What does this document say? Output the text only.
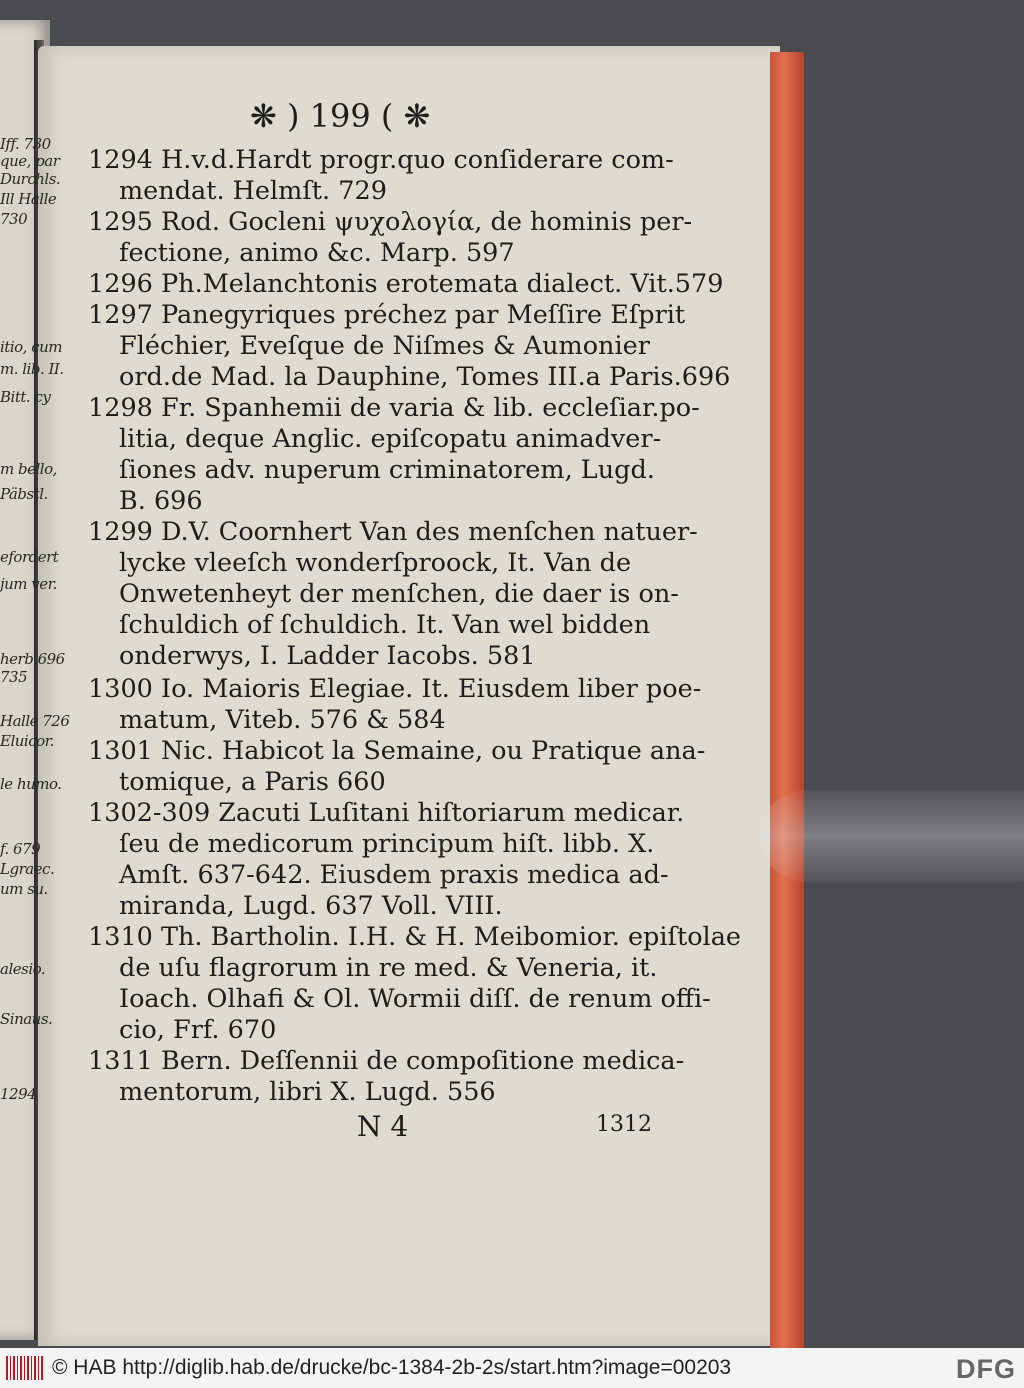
Iff. 730
que, par
Durchls.
Ill Halle
730
itio, cum
m. lib. II.
Bitt. cy
m bello,
Päbstl.
efordert
jum ver.
herb.696
735
Halle 726
Eluicor.
le humo.
f. 679
Lgraec.
um su.
alesio.
Sinaus.
1294
❋ ) 199 ( ❋
1294 H.v.d.Hardt progr.quo conſiderare com-
mendat. Helmſt. 729
1295 Rod. Gocleni ψυχολογία, de hominis per-
fectione, animo &c. Marp. 597
1296 Ph.Melanchtonis erotemata dialect. Vit.579
1297 Panegyriques préchez par Meſſire Eſprit
Fléchier, Eveſque de Niſmes & Aumonier
ord.de Mad. la Dauphine, Tomes III.a Paris.696
1298 Fr. Spanhemii de varia & lib. eccleſiar.po-
litia, deque Anglic. epiſcopatu animadver-
ſiones adv. nuperum criminatorem, Lugd.
B. 696
1299 D.V. Coornhert Van des menſchen natuer-
lycke vleeſch wonderſproock, It. Van de
Onwetenheyt der menſchen, die daer is on-
ſchuldich of ſchuldich. It. Van wel bidden
onderwys, I. Ladder Iacobs. 581
1300 Io. Maioris Elegiae. It. Eiusdem liber poe-
matum, Viteb. 576 & 584
1301 Nic. Habicot la Semaine, ou Pratique ana-
tomique, a Paris 660
1302-309 Zacuti Luſitani hiſtoriarum medicar.
ſeu de medicorum principum hiſt. libb. X.
Amſt. 637-642. Eiusdem praxis medica ad-
miranda, Lugd. 637 Voll. VIII.
1310 Th. Bartholin. I.H. & H. Meibomior. epiſtolae
de uſu flagrorum in re med. & Veneria, it.
Ioach. Olhafi & Ol. Wormii diſſ. de renum offi-
cio, Frf. 670
1311 Bern. Deſſennii de compoſitione medica-
mentorum, libri X. Lugd. 556
N 4	1312
© HAB http://diglib.hab.de/drucke/bc-1384-2b-2s/start.htm?image=00203	DFG
